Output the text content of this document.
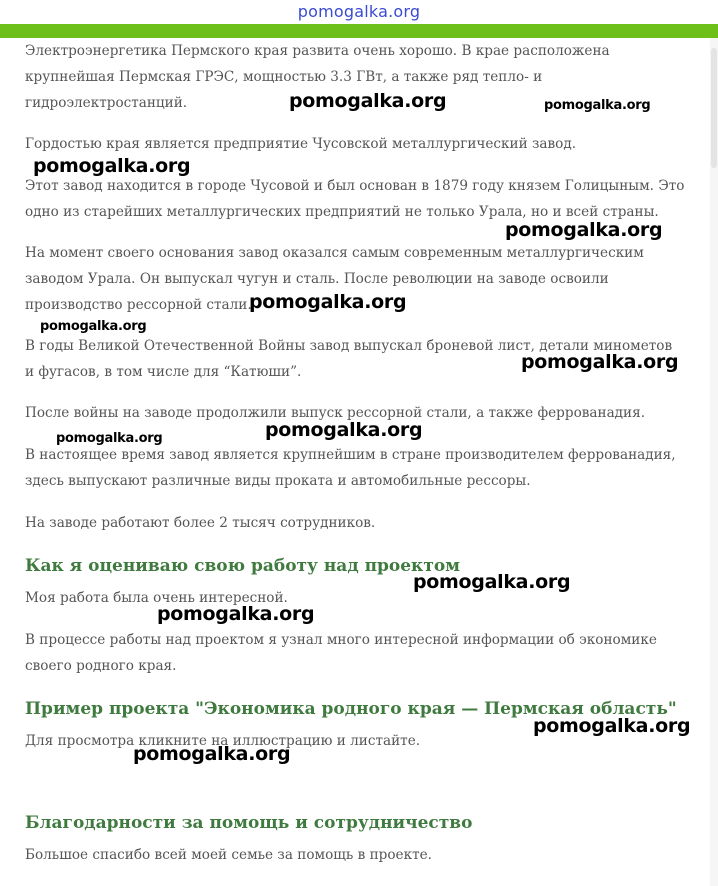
pomogalka.org

Электроэнергетика Пермского края развита очень хорошо. В крае расположена крупнейшая Пермская ГРЭС, мощностью 3.3 ГВт, а также ряд тепло- и гидроэлектростанций.

Гордостью края является предприятие Чусовской металлургический завод.

Этот завод находится в городе Чусовой и был основан в 1879 году князем Голицыным. Это одно из старейших металлургических предприятий не только Урала, но и всей страны.

На момент своего основания завод оказался самым современным металлургическим заводом Урала. Он выпускал чугун и сталь. После революции на заводе освоили производство рессорной стали.

В годы Великой Отечественной Войны завод выпускал броневой лист, детали минометов и фугасов, в том числе для “Катюши”.

После войны на заводе продолжили выпуск рессорной стали, а также феррованадия.

В настоящее время завод является крупнейшим в стране производителем феррованадия, здесь выпускают различные виды проката и автомобильные рессоры.

На заводе работают более 2 тысяч сотрудников.

Как я оцениваю свою работу над проектом

Моя работа была очень интересной.

В процессе работы над проектом я узнал много интересной информации об экономике своего родного края.

Пример проекта "Экономика родного края — Пермская область"

Для просмотра кликните на иллюстрацию и листайте.

Благодарности за помощь и сотрудничество

Большое спасибо всей моей семье за помощь в проекте.

pomogalka.org	pomogalka.org
pomogalka.org
pomogalka.org
pomogalka.org
pomogalka.org
pomogalka.org
pomogalka.org
pomogalka.org
pomogalka.org
pomogalka.org
pomogalka.org
pomogalka.org
